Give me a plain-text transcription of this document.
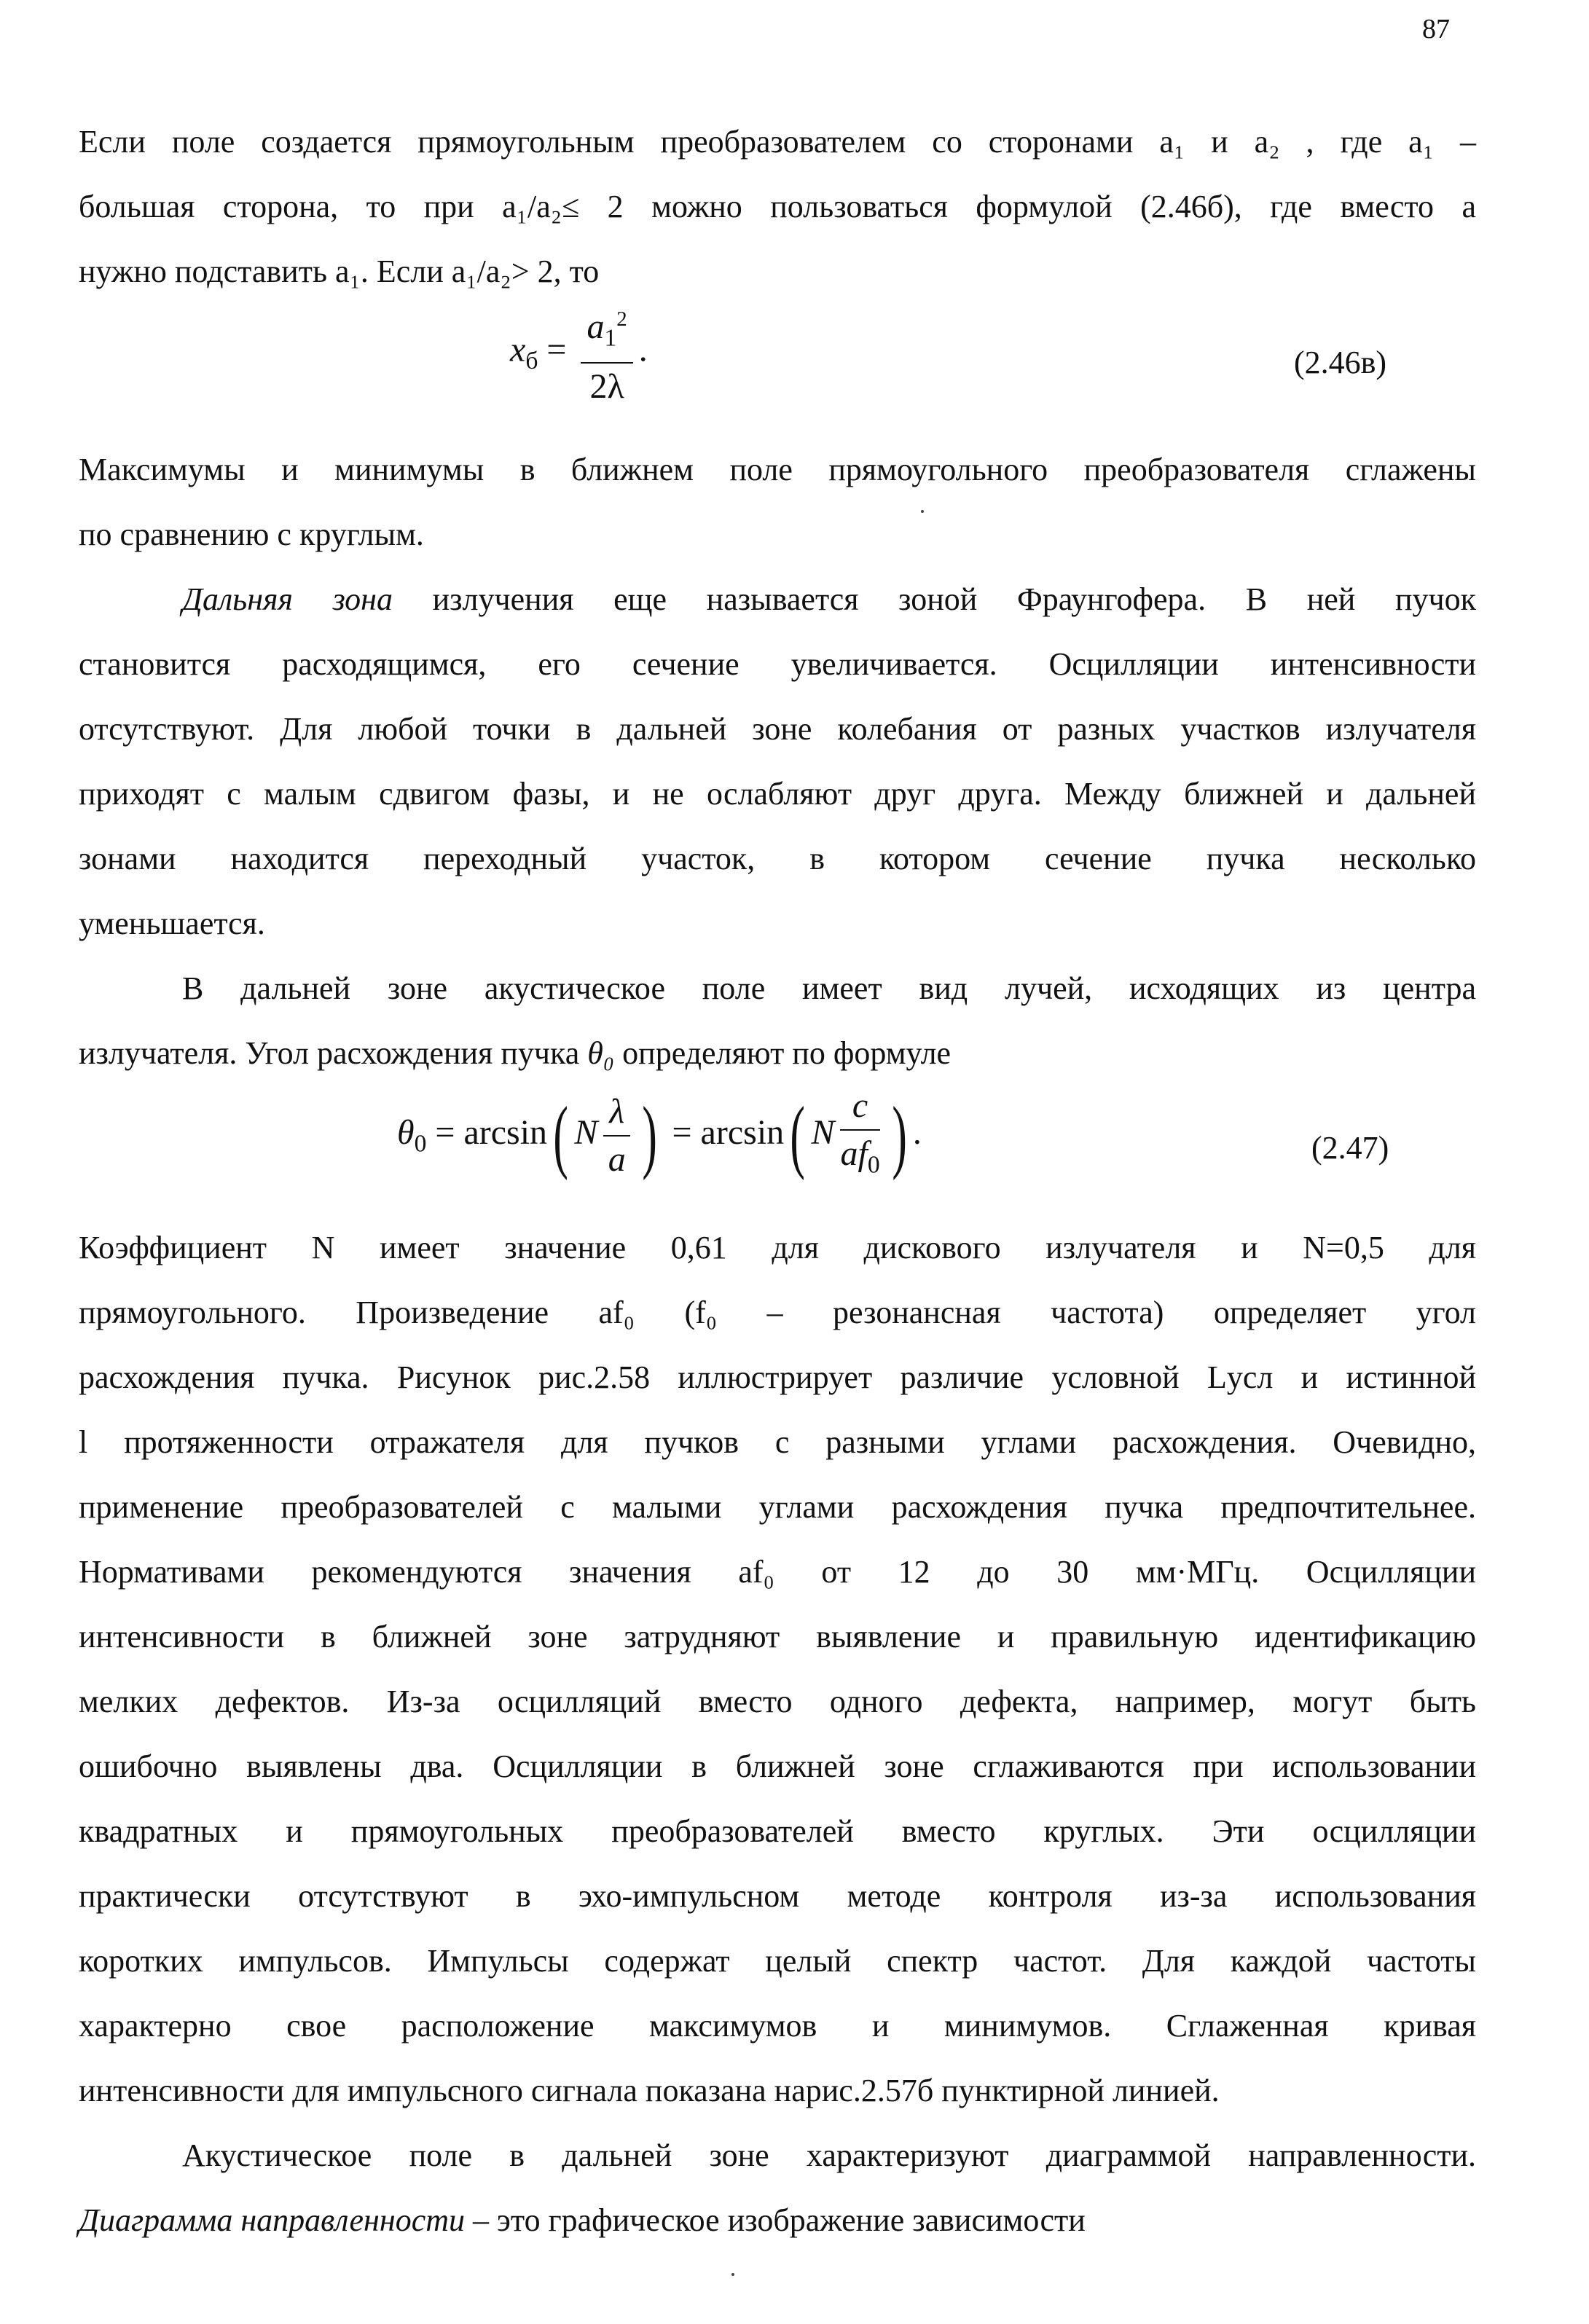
87

Если поле создается прямоугольным преобразователем со сторонами a₁ и a₂ , где a₁ –

большая сторона, то при a₁/a₂≤ 2 можно пользоваться формулой (2.46б), где вместо a

нужно подставить a₁. Если a₁/a₂> 2, то

$x_б = \frac{a_1^2}{2\lambda}$ .	(2.46в)

Максимумы и минимумы в ближнем поле прямоугольного преобразователя сглажены

по сравнению с круглым.

Дальняя зона излучения еще называется зоной Фраунгофера. В ней пучок

становится расходящимся, его сечение увеличивается. Осцилляции интенсивности

отсутствуют. Для любой точки в дальней зоне колебания от разных участков излучателя

приходят с малым сдвигом фазы, и не ослабляют друг друга. Между ближней и дальней

зонами находится переходный участок, в котором сечение пучка несколько

уменьшается.

В дальней зоне акустическое поле имеет вид лучей, исходящих из центра

излучателя. Угол расхождения пучка θ₀ определяют по формуле

$\theta_0 = \arcsin$( N $\frac{\lambda}{a}$ ) = arcsin( N $\frac{c}{af_0}$ ) .	(2.47)

Коэффициент N имеет значение 0,61 для дискового излучателя и N=0,5 для

прямоугольного. Произведение af₀ (f₀ – резонансная частота) определяет угол

расхождения пучка. Рисунок рис.2.58 иллюстрирует различие условной Lусл и истинной

l протяженности отражателя для пучков с разными углами расхождения. Очевидно,

применение преобразователей с малыми углами расхождения пучка предпочтительнее.

Нормативами рекомендуются значения af₀ от 12 до 30 мм·МГц. Осцилляции

интенсивности в ближней зоне затрудняют выявление и правильную идентификацию

мелких дефектов. Из-за осцилляций вместо одного дефекта, например, могут быть

ошибочно выявлены два. Осцилляции в ближней зоне сглаживаются при использовании

квадратных и прямоугольных преобразователей вместо круглых. Эти осцилляции

практически отсутствуют в эхо-импульсном методе контроля из-за использования

коротких импульсов. Импульсы содержат целый спектр частот. Для каждой частоты

характерно свое расположение максимумов и минимумов. Сглаженная кривая

интенсивности для импульсного сигнала показана нарис.2.57б пунктирной линией.

Акустическое поле в дальней зоне характеризуют диаграммой направленности.

Диаграмма направленности – это графическое изображение зависимости
